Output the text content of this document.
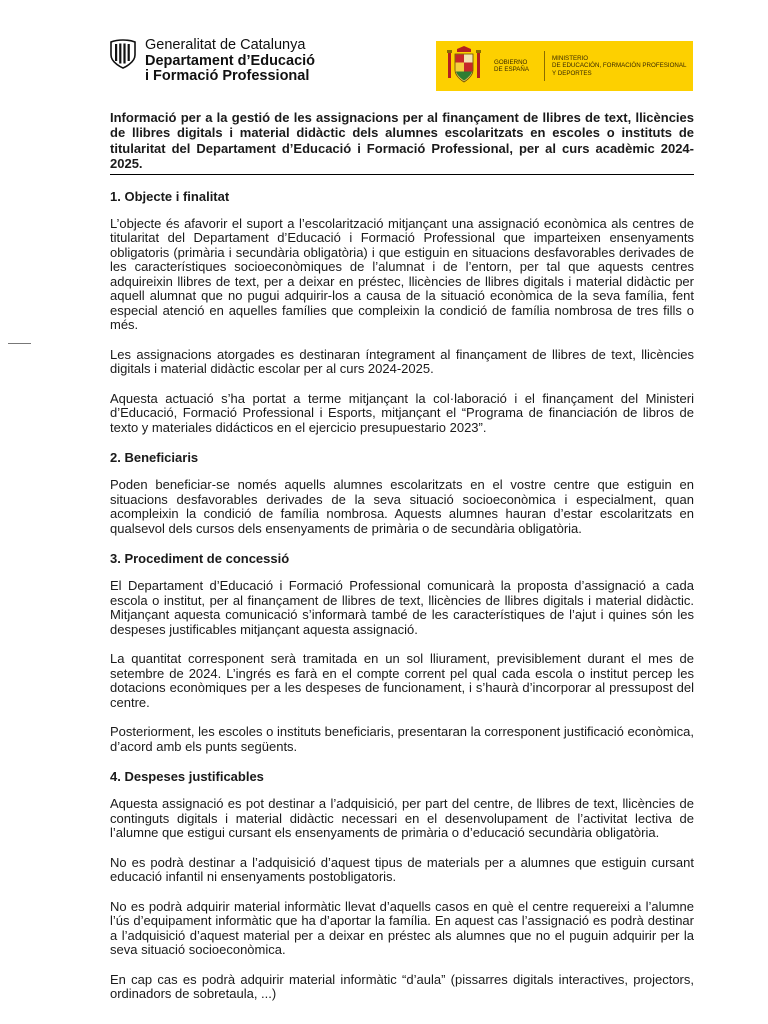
Generalitat de Catalunya
Departament d’Educació
i Formació Professional
GOBIERNO
DE ESPAÑA
MINISTERIO
DE EDUCACIÓN, FORMACIÓN PROFESIONAL
Y DEPORTES

Informació per a la gestió de les assignacions per al finançament de llibres de text, llicències de llibres digitals i material didàctic dels alumnes escolaritzats en escoles o instituts de titularitat del Departament d’Educació i Formació Professional, per al curs acadèmic 2024-2025.

1. Objecte i finalitat

L’objecte és afavorir el suport a l’escolarització mitjançant una assignació econòmica als centres de titularitat del Departament d’Educació i Formació Professional que imparteixen ensenyaments obligatoris (primària i secundària obligatòria) i que estiguin en situacions desfavorables derivades de les característiques socioeconòmiques de l’alumnat i de l’entorn, per tal que aquests centres adquireixin llibres de text, per a deixar en préstec, llicències de llibres digitals i material didàctic per aquell alumnat que no pugui adquirir-los a causa de la situació econòmica de la seva família, fent especial atenció en aquelles famílies que compleixin la condició de família nombrosa de tres fills o més.

Les assignacions atorgades es destinaran íntegrament al finançament de llibres de text, llicències digitals i material didàctic escolar per al curs 2024-2025.

Aquesta actuació s’ha portat a terme mitjançant la col·laboració i el finançament del Ministeri d’Educació, Formació Professional i Esports, mitjançant el “Programa de financiación de libros de texto y materiales didácticos en el ejercicio presupuestario 2023”.

2. Beneficiaris

Poden beneficiar-se només aquells alumnes escolaritzats en el vostre centre que estiguin en situacions desfavorables derivades de la seva situació socioeconòmica i especialment, quan acompleixin la condició de família nombrosa. Aquests alumnes hauran d’estar escolaritzats en qualsevol dels cursos dels ensenyaments de primària o de secundària obligatòria.

3. Procediment de concessió

El Departament d’Educació i Formació Professional comunicarà la proposta d’assignació a cada escola o institut, per al finançament de llibres de text, llicències de llibres digitals i material didàctic. Mitjançant aquesta comunicació s’informarà també de les característiques de l’ajut i quines són les despeses justificables mitjançant aquesta assignació.

La quantitat corresponent serà tramitada en un sol lliurament, previsiblement durant el mes de setembre de 2024. L’ingrés es farà en el compte corrent pel qual cada escola o institut percep les dotacions econòmiques per a les despeses de funcionament, i s’haurà d’incorporar al pressupost del centre.

Posteriorment, les escoles o instituts beneficiaris, presentaran la corresponent justificació econòmica, d’acord amb els punts següents.

4. Despeses justificables

Aquesta assignació es pot destinar a l’adquisició, per part del centre, de llibres de text, llicències de continguts digitals i material didàctic necessari en el desenvolupament de l’activitat lectiva de l’alumne que estigui cursant els ensenyaments de primària o d’educació secundària obligatòria.

No es podrà destinar a l’adquisició d’aquest tipus de materials per a alumnes que estiguin cursant educació infantil ni ensenyaments postobligatoris.

No es podrà adquirir material informàtic llevat d’aquells casos en què el centre requereixi a l’alumne l’ús d’equipament informàtic que ha d’aportar la família. En aquest cas l’assignació es podrà destinar a l’adquisició d’aquest material per a deixar en préstec als alumnes que no el puguin adquirir per la seva situació socioeconòmica.

En cap cas es podrà adquirir material informàtic “d’aula” (pissarres digitals interactives, projectors, ordinadors de sobretaula, ...)
